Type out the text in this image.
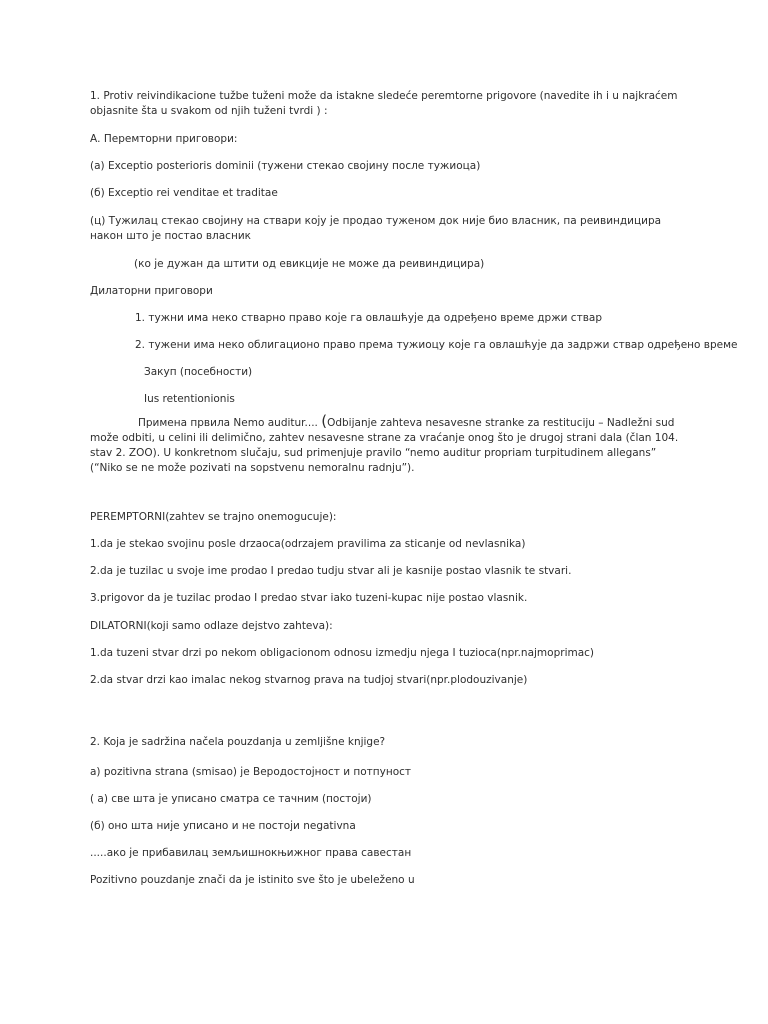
1. Protiv reivindikacione tužbe tuženi može da istakne sledeće peremtorne prigovore (navedite ih i u najkraćem objasnite šta u svakom od njih tuženi tvrdi ) :

А. Перемторни приговори:

(а) Exceptio posterioris dominii (тужени стекао својину после тужиоца)

(б) Exceptio rei venditae et traditae

(ц) Тужилац стекао својину на ствари коју је продао туженом док није био власник, па реивиндицира након што је постао власник

(ко је дужан да штити од евикције не може да реивиндицира)

Дилаторни приговори

1. тужни има неко стварно право које га овлашћује да одређено време држи ствар

2. тужени има неко облигационо право према тужиоцу које га овлашћује да задржи ствар одређено време

Закуп (посебности)

Ius retentionionis

Примена првила Nemo auditur.... (Odbijanje zahteva nesavesne stranke za restituciju – Nadležni sud može odbiti, u celini ili delimično, zahtev nesavesne strane za vraćanje onog što je drugoj strani dala (član 104. stav 2. ZOO). U konkretnom slučaju, sud primenjuje pravilo “nemo auditur propriam turpitudinem allegans” (“Niko se ne može pozivati na sopstvenu nemoralnu radnju”).

PEREMPTORNI(zahtev se trajno onemogucuje):

1.da je stekao svojinu posle drzaoca(odrzajem pravilima za sticanje od nevlasnika)

2.da je tuzilac u svoje ime prodao I predao tudju stvar ali je kasnije postao vlasnik te stvari.

3.prigovor da je tuzilac prodao I predao stvar iako tuzeni-kupac nije postao vlasnik.

DILATORNI(koji samo odlaze dejstvo zahteva):

1.da tuzeni stvar drzi po nekom obligacionom odnosu izmedju njega I tuzioca(npr.najmoprimac)

2.da stvar drzi kao imalac nekog stvarnog prava na tudjoj stvari(npr.plodouzivanje)

2. Koja je sadržina načela pouzdanja u zemljišne knjige?

а) pozitivna strana (smisao) је Веродостојност и потпуност

( а) све шта је уписано сматра се тачним (постоји)

(б) оно шта није уписано и не постоји negativna

.....ако је прибавилац земљишнокњижног права савестан

Pozitivno pouzdanje znači da je istinito sve što je ubeleženo u
